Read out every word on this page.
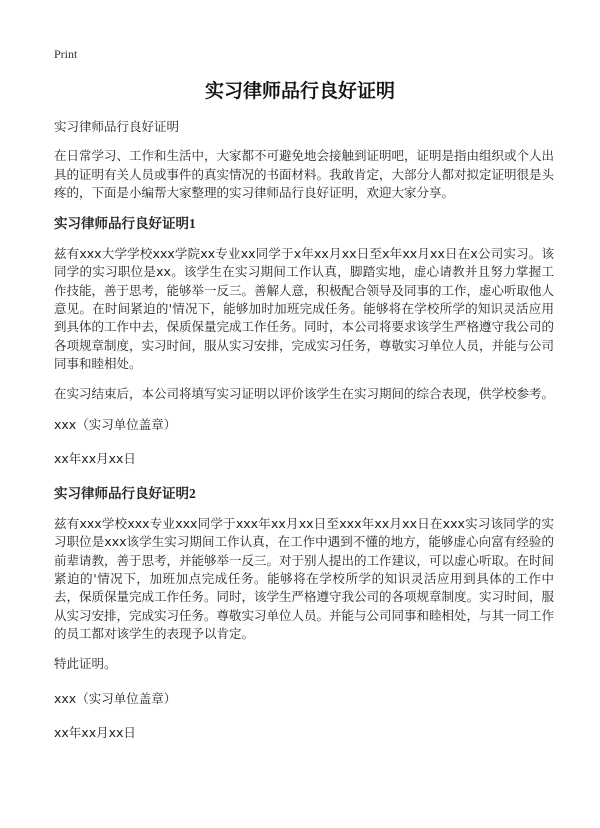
Print
实习律师品行良好证明

实习律师品行良好证明

在日常学习、工作和生活中，大家都不可避免地会接触到证明吧，证明是指由组织或个人出具的证明有关人员或事件的真实情况的书面材料。我敢肯定，大部分人都对拟定证明很是头疼的，下面是小编帮大家整理的实习律师品行良好证明，欢迎大家分享。

实习律师品行良好证明1

兹有xxx大学学校xxx学院xx专业xx同学于x年xx月xx日至x年xx月xx日在x公司实习。该同学的实习职位是xx。该学生在实习期间工作认真，脚踏实地，虚心请教并且努力掌握工作技能，善于思考，能够举一反三。善解人意，积极配合领导及同事的工作，虚心听取他人意见。在时间紧迫的'情况下，能够加时加班完成任务。能够将在学校所学的知识灵活应用到具体的工作中去，保质保量完成工作任务。同时，本公司将要求该学生严格遵守我公司的各项规章制度，实习时间，服从实习安排，完成实习任务，尊敬实习单位人员，并能与公司同事和睦相处。

在实习结束后，本公司将填写实习证明以评价该学生在实习期间的综合表现，供学校参考。

xxx（实习单位盖章）

xx年xx月xx日

实习律师品行良好证明2

兹有xxx学校xxx专业xxx同学于xxx年xx月xx日至xxx年xx月xx日在xxx实习该同学的实习职位是xxx该学生实习期间工作认真，在工作中遇到不懂的地方，能够虚心向富有经验的前辈请教，善于思考，并能够举一反三。对于别人提出的工作建议，可以虚心听取。在时间紧迫的'情况下，加班加点完成任务。能够将在学校所学的知识灵活应用到具体的工作中去，保质保量完成工作任务。同时，该学生严格遵守我公司的各项规章制度。实习时间，服从实习安排，完成实习任务。尊敬实习单位人员。并能与公司同事和睦相处，与其一同工作的员工都对该学生的表现予以肯定。

特此证明。

xxx（实习单位盖章）

xx年xx月xx日
